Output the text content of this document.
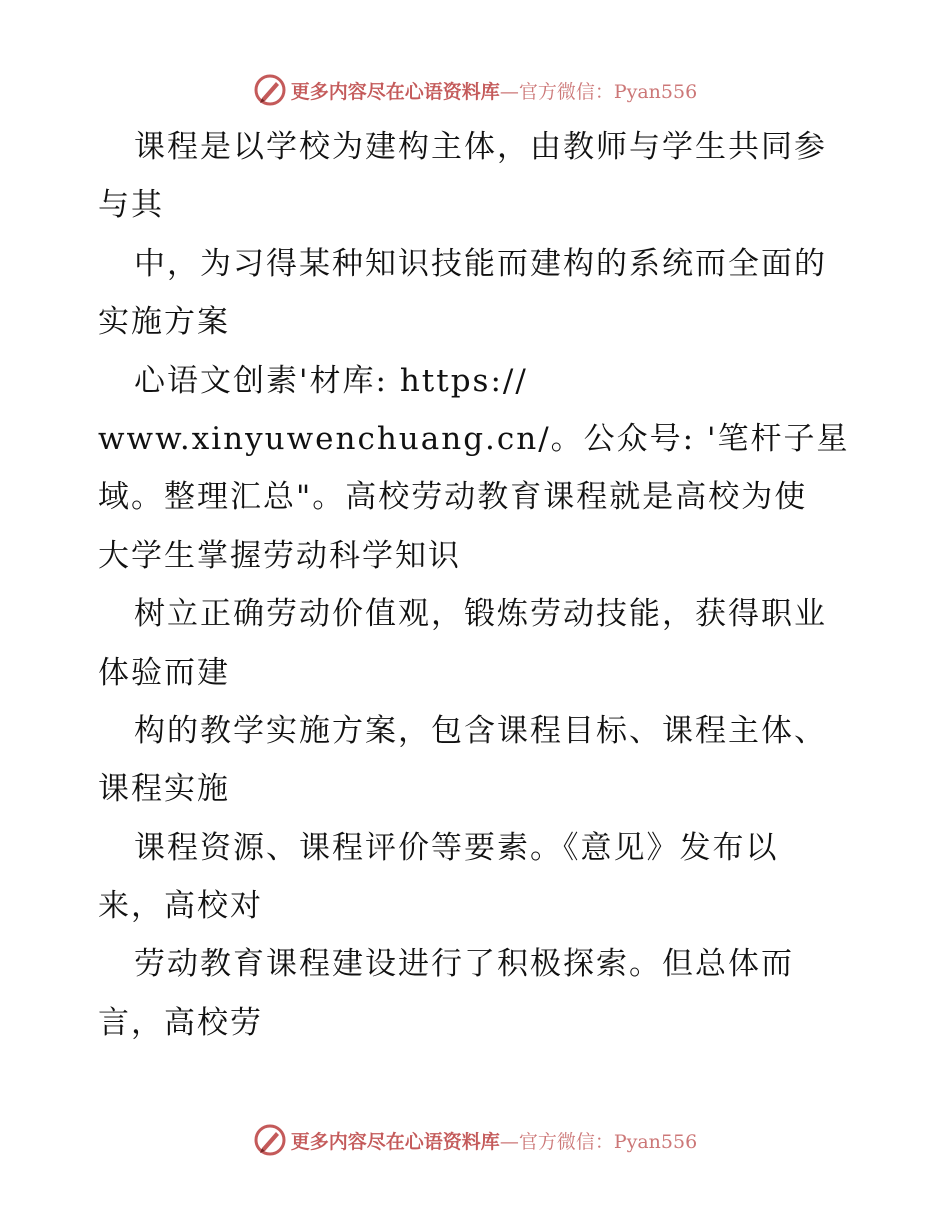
更多内容尽在心语资料库—官方微信：Pyan556
课程是以学校为建构主体，由教师与学生共同参
与其
中，为习得某种知识技能而建构的系统而全面的
实施方案
心语文创素'材库: https://
www.xinyuwenchuang.cn/。公众号: '笔杆子星
域。整理汇总"。高校劳动教育课程就是高校为使
大学生掌握劳动科学知识
树立正确劳动价值观，锻炼劳动技能，获得职业
体验而建
构的教学实施方案，包含课程目标、课程主体、
课程实施
课程资源、课程评价等要素。《意见》发布以
来，高校对
劳动教育课程建设进行了积极探索。但总体而
言，高校劳
更多内容尽在心语资料库—官方微信：Pyan556
